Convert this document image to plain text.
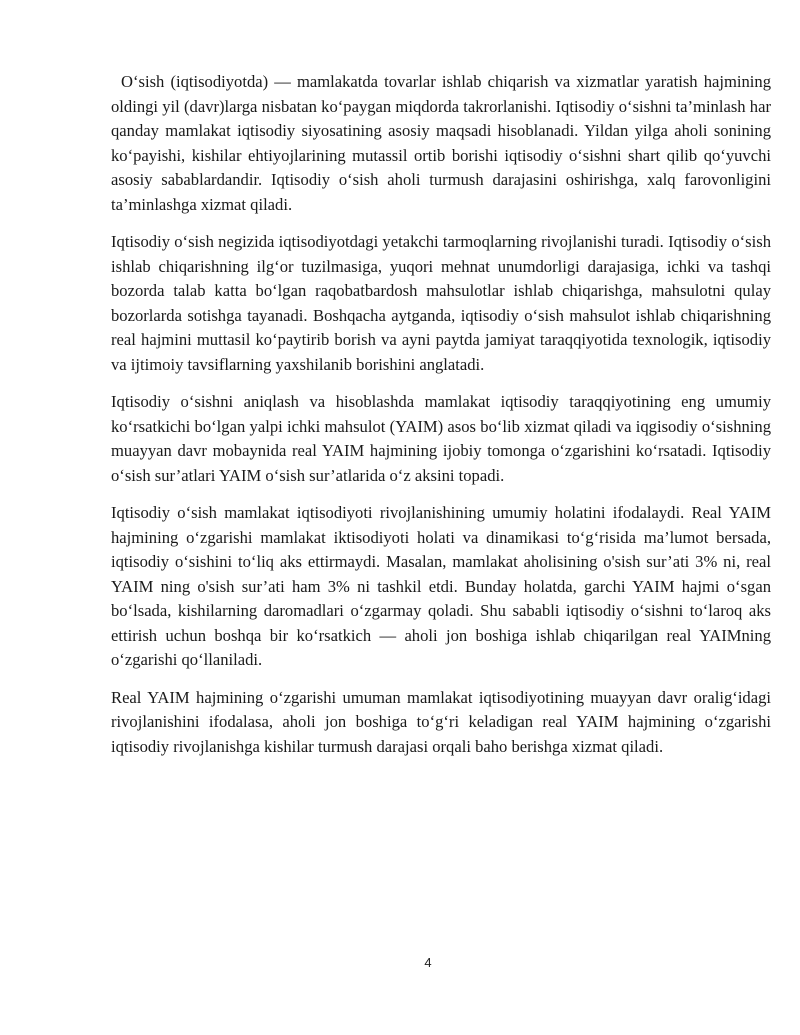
O‘sish (iqtisodiyotda) — mamlakatda tovarlar ishlab chiqarish va xizmatlar yaratish hajmining oldingi yil (davr)larga nisbatan ko‘paygan miqdorda takrorlanishi. Iqtisodiy o‘sishni ta’minlash har qanday mamlakat iqtisodiy siyosatining asosiy maqsadi hisoblanadi. Yildan yilga aholi sonining ko‘payishi, kishilar ehtiyojlarining mutassil ortib borishi iqtisodiy o‘sishni shart qilib qo‘yuvchi asosiy sabablardandir. Iqtisodiy o‘sish aholi turmush darajasini oshirishga, xalq farovonligini ta’minlashga xizmat qiladi.

Iqtisodiy o‘sish negizida iqtisodiyotdagi yetakchi tarmoqlarning rivojlanishi turadi. Iqtisodiy o‘sish ishlab chiqarishning ilg‘or tuzilmasiga, yuqori mehnat unumdorligi darajasiga, ichki va tashqi bozorda talab katta bo‘lgan raqobatbardosh mahsulotlar ishlab chiqarishga, mahsulotni qulay bozorlarda sotishga tayanadi. Boshqacha aytganda, iqtisodiy o‘sish mahsulot ishlab chiqarishning real hajmini muttasil ko‘paytirib borish va ayni paytda jamiyat taraqqiyotida texnologik, iqtisodiy va ijtimoiy tavsiflarning yaxshilanib borishini anglatadi.

Iqtisodiy o‘sishni aniqlash va hisoblashda mamlakat iqtisodiy taraqqiyotining eng umumiy ko‘rsatkichi bo‘lgan yalpi ichki mahsulot (YAIM) asos bo‘lib xizmat qiladi va iqgisodiy o‘sishning muayyan davr mobaynida real YAIM hajmining ijobiy tomonga o‘zgarishini ko‘rsatadi. Iqtisodiy o‘sish sur’atlari YAIM o‘sish sur’atlarida o‘z aksini topadi.

Iqtisodiy o‘sish mamlakat iqtisodiyoti rivojlanishining umumiy holatini ifodalaydi. Real YAIM hajmining o‘zgarishi mamlakat iktisodiyoti holati va dinamikasi to‘g‘risida ma’lumot bersada, iqtisodiy o‘sishini to‘liq aks ettirmaydi. Masalan, mamlakat aholisining o'sish sur’ati 3% ni, real YAIM ning o'sish sur’ati ham 3% ni tashkil etdi. Bunday holatda, garchi YAIM hajmi o‘sgan bo‘lsada, kishilarning daromadlari o‘zgarmay qoladi. Shu sababli iqtisodiy o‘sishni to‘laroq aks ettirish uchun boshqa bir ko‘rsatkich — aholi jon boshiga ishlab chiqarilgan real YAIMning o‘zgarishi qo‘llaniladi.

Real YAIM hajmining o‘zgarishi umuman mamlakat iqtisodiyotining muayyan davr oralig‘idagi rivojlanishini ifodalasa, aholi jon boshiga to‘g‘ri keladigan real YAIM hajmining o‘zgarishi iqtisodiy rivojlanishga kishilar turmush darajasi orqali baho berishga xizmat qiladi.

4
